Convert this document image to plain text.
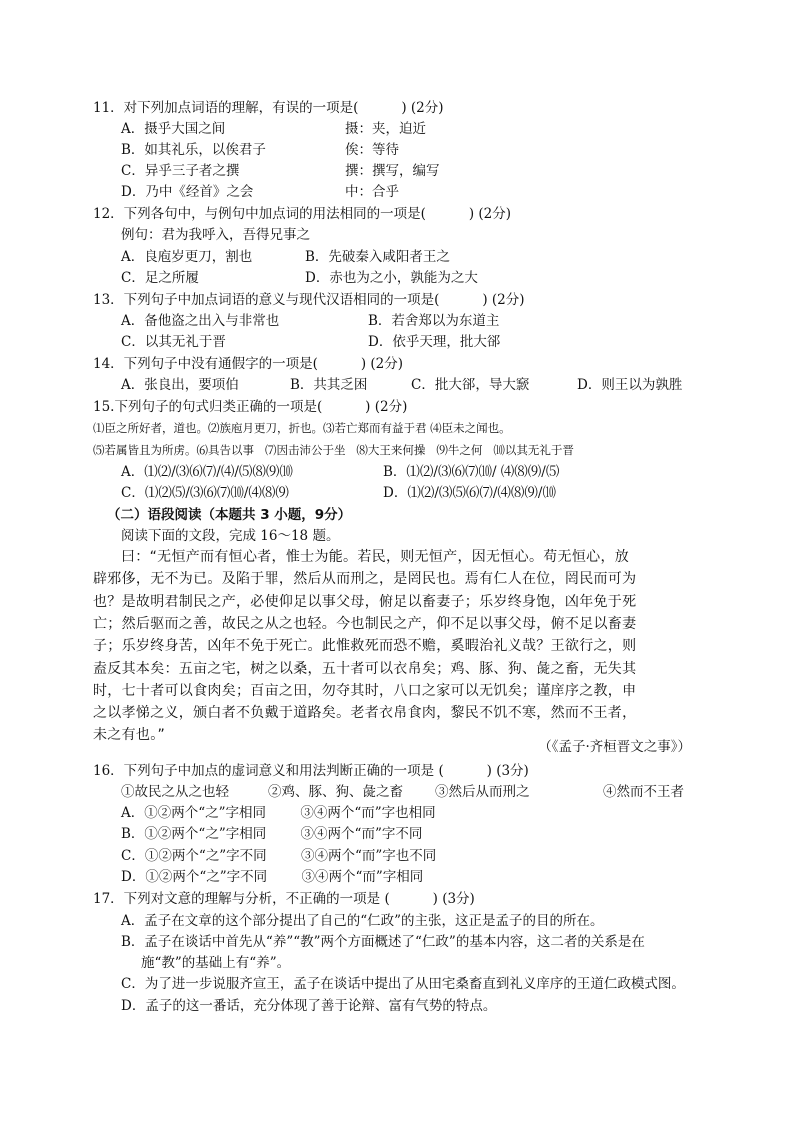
11．对下列加点词语的理解，有误的一项是(          ) (2分)
A．摄乎大国之间	摄：夹，迫近
B．如其礼乐，以俟君子	俟：等待
C．异乎三子者之撰	撰：撰写，编写
D．乃中《经首》之会	中：合乎
12．下列各句中，与例句中加点词的用法相同的一项是(          ) (2分)
例句：君为我呼入，吾得兄事之
A．良庖岁更刀，割也	B．先破秦入咸阳者王之
C．足之所履	D．赤也为之小，孰能为之大
13．下列句子中加点词语的意义与现代汉语相同的一项是(          ) (2分)
A．备他盗之出入与非常也	B．若舍郑以为东道主
C．以其无礼于晋	D．依乎天理，批大郤
14．下列句子中没有通假字的一项是(          ) (2分)
A．张良出，要项伯	B．共其乏困	C．批大郤，导大窾	D．则王以为孰胜
15.下列句子的句式归类正确的一项是(          ) (2分)
⑴臣之所好者，道也。⑵族庖月更刀，折也。⑶若亡郑而有益于君 ⑷臣未之闻也。
⑸若属皆且为所虏。⑹具告以事   ⑺因击沛公于坐   ⑻大王来何操   ⑼牛之何   ⑽以其无礼于晋
A．⑴⑵/⑶⑹⑺/⑷/⑸⑻⑼⑽	B．⑴⑵/⑶⑹⑺⑽/ ⑷⑻⑼/⑸
C．⑴⑵⑸/⑶⑹⑺⑽/⑷⑻⑼	D．⑴⑵/⑶⑸⑹⑺/⑷⑻⑼/⑽
（二）语段阅读（本题共 3 小题，9分）
阅读下面的文段，完成 16～18 题。
曰：“无恒产而有恒心者，惟士为能。若民，则无恒产，因无恒心。苟无恒心，放
辟邪侈，无不为已。及陷于罪，然后从而刑之，是罔民也。焉有仁人在位，罔民而可为
也？是故明君制民之产，必使仰足以事父母，俯足以畜妻子；乐岁终身饱，凶年免于死
亡；然后驱而之善，故民之从之也轻。今也制民之产，仰不足以事父母，俯不足以畜妻
子；乐岁终身苦，凶年不免于死亡。此惟救死而恐不赡，奚暇治礼义哉？王欲行之，则
盍反其本矣：五亩之宅，树之以桑，五十者可以衣帛矣；鸡、豚、狗、彘之畜，无失其
时，七十者可以食肉矣；百亩之田，勿夺其时，八口之家可以无饥矣；谨庠序之教，申
之以孝悌之义，颁白者不负戴于道路矣。老者衣帛食肉，黎民不饥不寒，然而不王者，
未之有也。”
（《孟子·齐桓晋文之事》）
16．下列句子中加点的虚词意义和用法判断正确的一项是 (          ) (3分)
①故民之从之也轻	②鸡、豚、狗、彘之畜 ③然后从而刑之	④然而不王者
A．①②两个“之”字相同        ③④两个“而”字也相同
B．①②两个“之”字相同        ③④两个“而”字不同
C．①②两个“之”字不同        ③④两个“而”字也不同
D．①②两个“之”字不同        ③④两个“而”字相同
17．下列对文意的理解与分析，不正确的一项是 (          ) (3分)
A．孟子在文章的这个部分提出了自己的“仁政”的主张，这正是孟子的目的所在。
B．孟子在谈话中首先从“养”“教”两个方面概述了“仁政”的基本内容，这二者的关系是在
施“教”的基础上有“养”。
C．为了进一步说服齐宣王，孟子在谈话中提出了从田宅桑畜直到礼义庠序的王道仁政模式图。
D．孟子的这一番话，充分体现了善于论辩、富有气势的特点。
